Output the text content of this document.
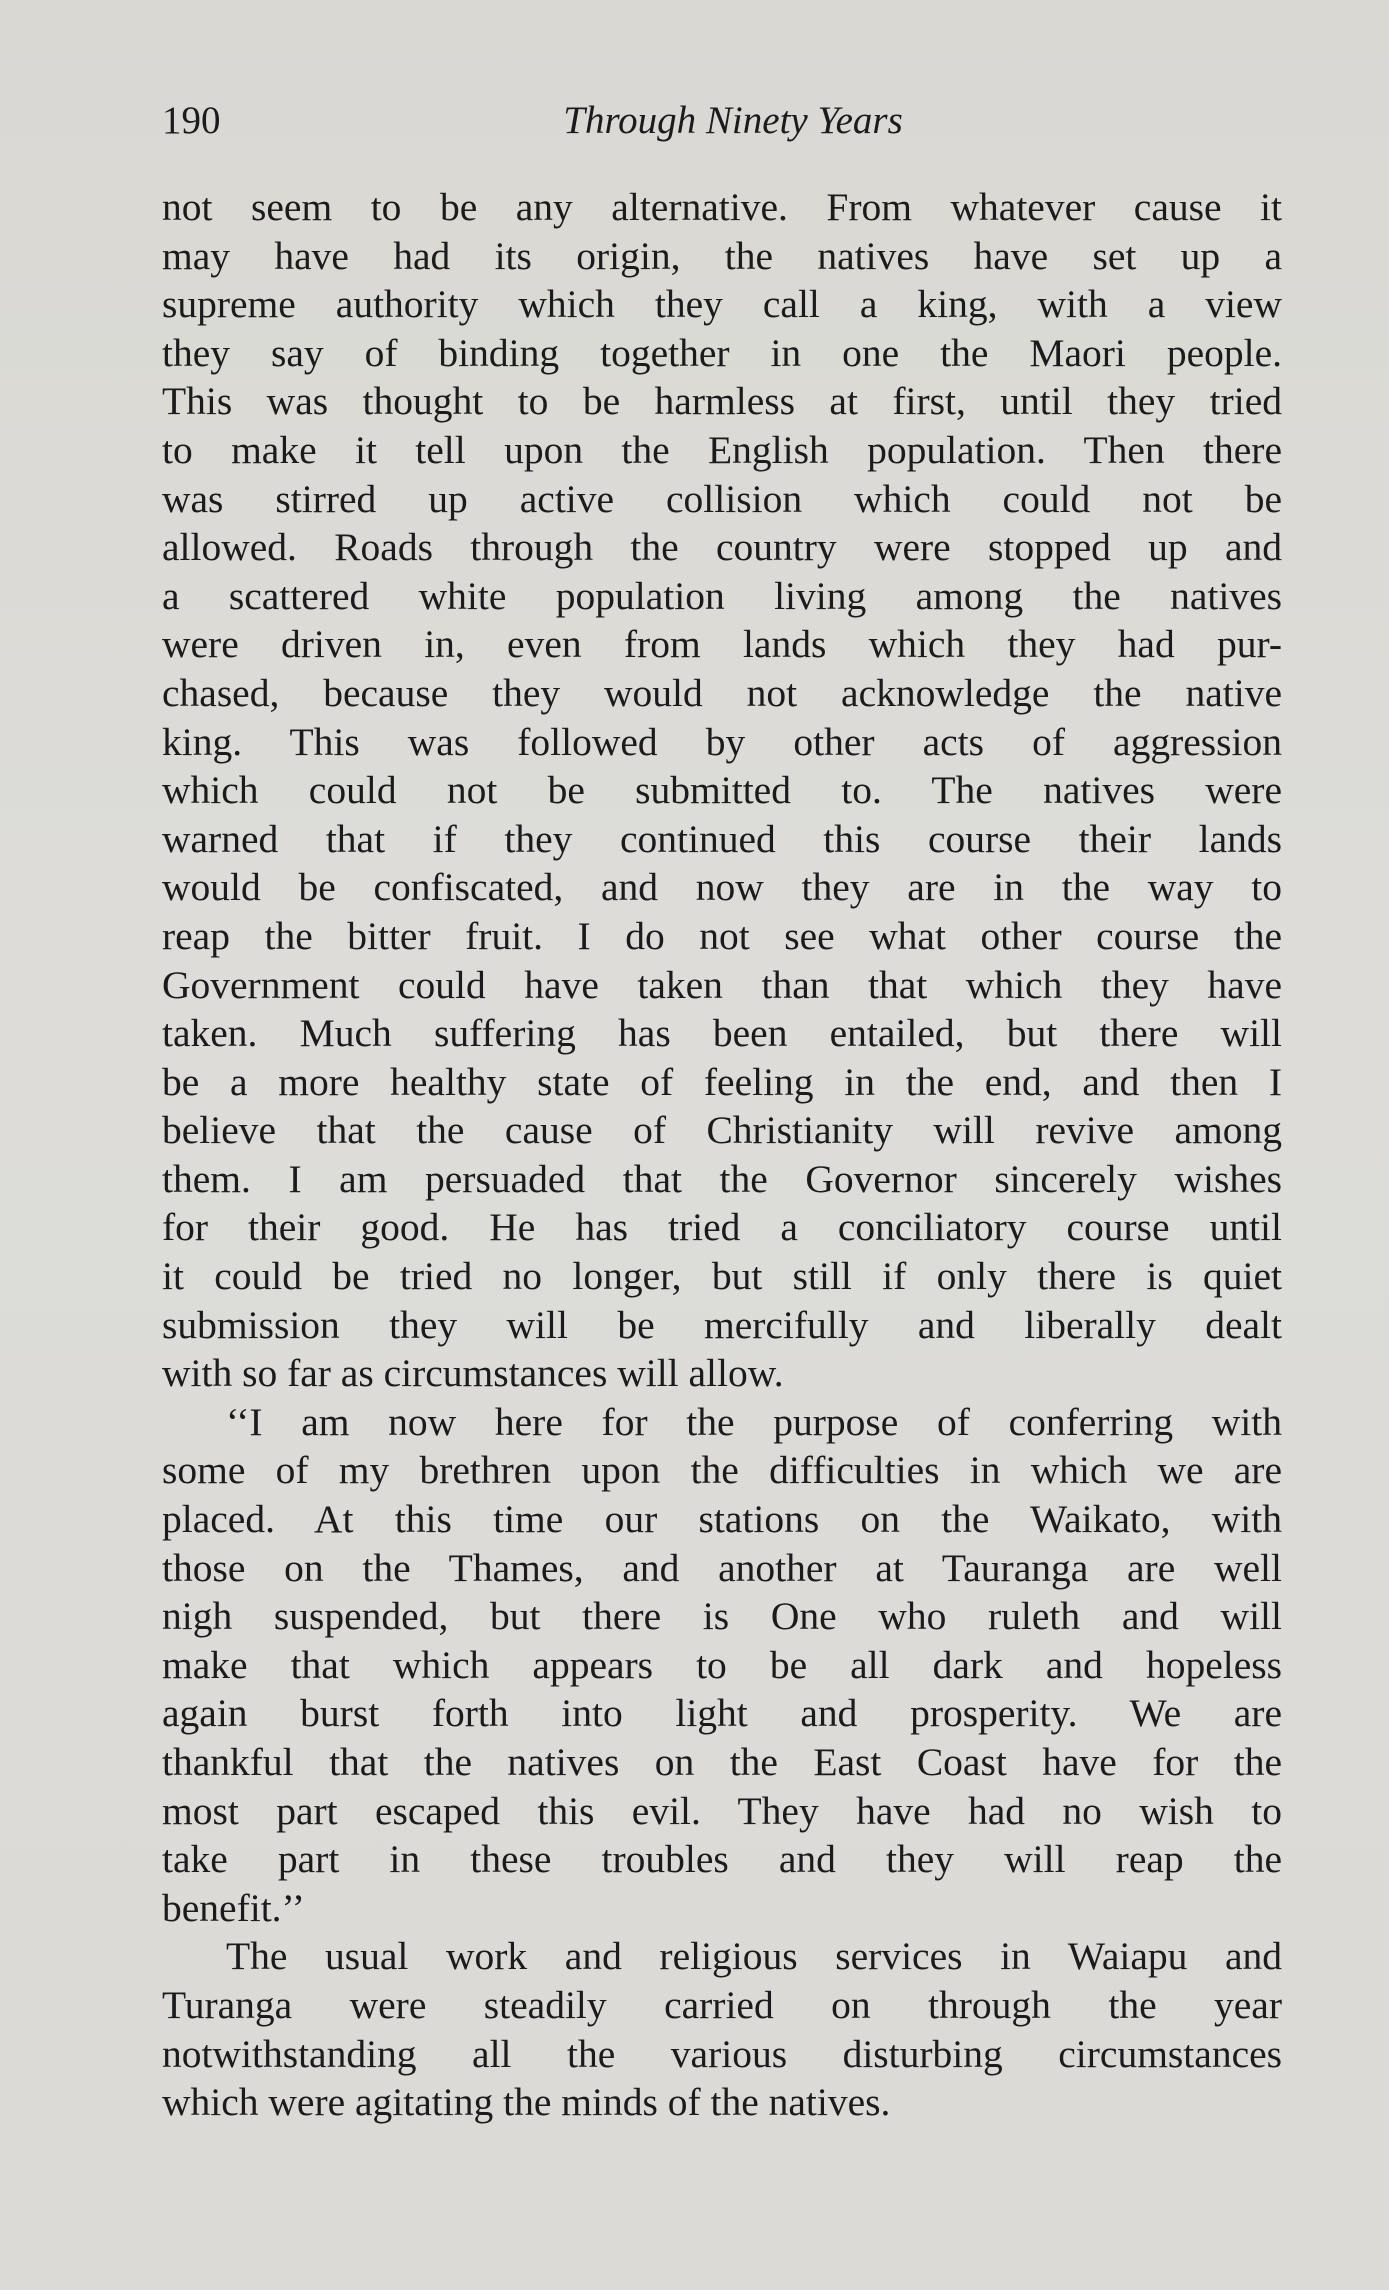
190	Through Ninety Years
not seem to be any alternative. From whatever cause it
may have had its origin, the natives have set up a
supreme authority which they call a king, with a view
they say of binding together in one the Maori people.
This was thought to be harmless at first, until they tried
to make it tell upon the English population. Then there
was stirred up active collision which could not be
allowed. Roads through the country were stopped up and
a scattered white population living among the natives
were driven in, even from lands which they had pur-
chased, because they would not acknowledge the native
king. This was followed by other acts of aggression
which could not be submitted to. The natives were
warned that if they continued this course their lands
would be confiscated, and now they are in the way to
reap the bitter fruit. I do not see what other course the
Government could have taken than that which they have
taken. Much suffering has been entailed, but there will
be a more healthy state of feeling in the end, and then I
believe that the cause of Christianity will revive among
them. I am persuaded that the Governor sincerely wishes
for their good. He has tried a conciliatory course until
it could be tried no longer, but still if only there is quiet
submission they will be mercifully and liberally dealt
with so far as circumstances will allow.
‘‘I am now here for the purpose of conferring with
some of my brethren upon the difficulties in which we are
placed. At this time our stations on the Waikato, with
those on the Thames, and another at Tauranga are well
nigh suspended, but there is One who ruleth and will
make that which appears to be all dark and hopeless
again burst forth into light and prosperity. We are
thankful that the natives on the East Coast have for the
most part escaped this evil. They have had no wish to
take part in these troubles and they will reap the
benefit.’’
The usual work and religious services in Waiapu and
Turanga were steadily carried on through the year
notwithstanding all the various disturbing circumstances
which were agitating the minds of the natives.
